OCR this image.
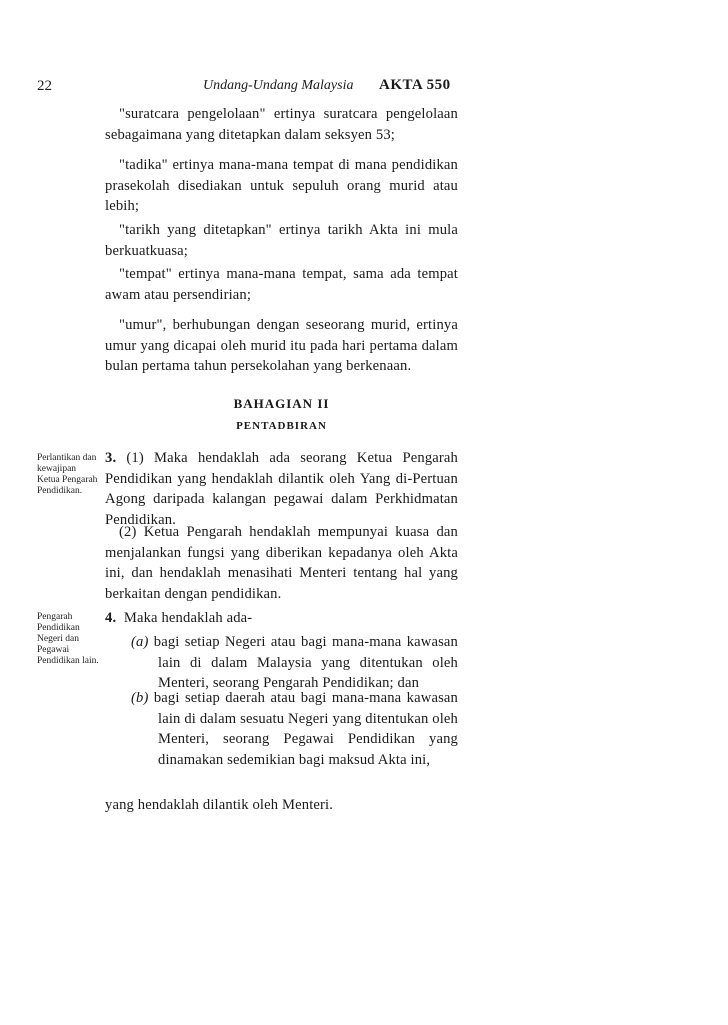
22	Undang-Undang Malaysia AKTA 550

"suratcara pengelolaan" ertinya suratcara pengelolaan sebagaimana yang ditetapkan dalam seksyen 53;

"tadika" ertinya mana-mana tempat di mana pendidikan prasekolah disediakan untuk sepuluh orang murid atau lebih;

"tarikh yang ditetapkan" ertinya tarikh Akta ini mula berkuatkuasa;

"tempat" ertinya mana-mana tempat, sama ada tempat awam atau persendirian;

"umur", berhubungan dengan seseorang murid, ertinya umur yang dicapai oleh murid itu pada hari pertama dalam bulan pertama tahun persekolahan yang berkenaan.

BAHAGIAN II
PENTADBIRAN
Perlantikan dan kewajipan Ketua Pengarah Pendidikan.

3. (1) Maka hendaklah ada seorang Ketua Pengarah Pendidikan yang hendaklah dilantik oleh Yang di-Pertuan Agong daripada kalangan pegawai dalam Perkhidmatan Pendidikan.

(2) Ketua Pengarah hendaklah mempunyai kuasa dan menjalankan fungsi yang diberikan kepadanya oleh Akta ini, dan hendaklah menasihati Menteri tentang hal yang berkaitan dengan pendidikan.

Pengarah Pendidikan Negeri dan Pegawai Pendidikan lain.

4. Maka hendaklah ada-

(a) bagi setiap Negeri atau bagi mana-mana kawasan lain di dalam Malaysia yang ditentukan oleh Menteri, seorang Pengarah Pendidikan; dan

(b) bagi setiap daerah atau bagi mana-mana kawasan lain di dalam sesuatu Negeri yang ditentukan oleh Menteri, seorang Pegawai Pendidikan yang dinamakan sedemikian bagi maksud Akta ini,

yang hendaklah dilantik oleh Menteri.
